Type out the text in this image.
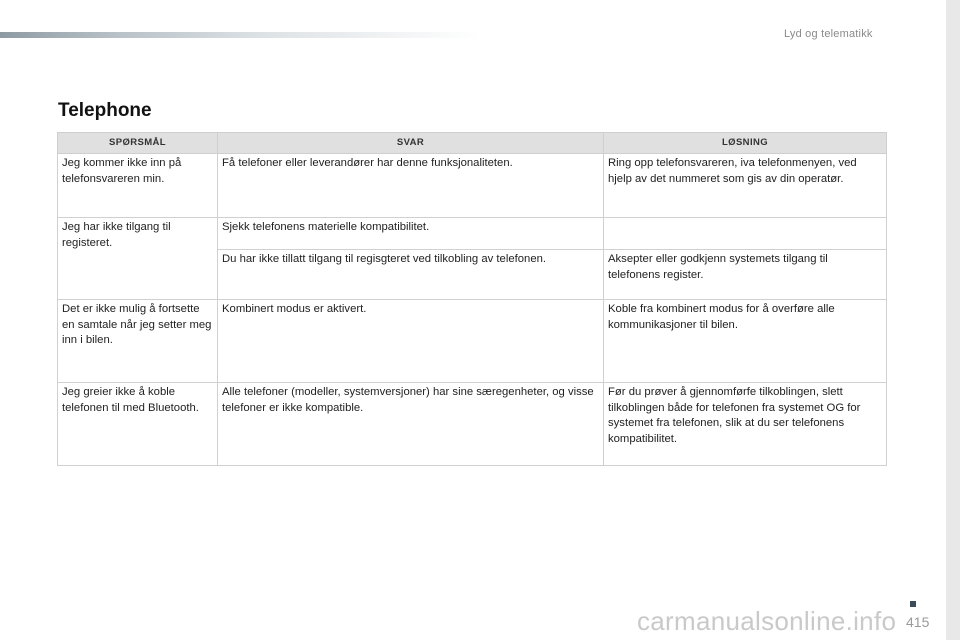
Lyd og telematikk
Telephone
SPØRSMÅL	SVAR	LØSNING
Jeg kommer ikke inn på telefonsvareren min.	Få telefoner eller leverandører har denne funksjonaliteten.	Ring opp telefonsvareren, iva telefonmenyen, ved hjelp av det nummeret som gis av din operatør.
Jeg har ikke tilgang til registeret.	Sjekk telefonens materielle kompatibilitet.	
	Du har ikke tillatt tilgang til regisgteret ved tilkobling av telefonen.	Aksepter eller godkjenn systemets tilgang til telefonens register.
Det er ikke mulig å fortsette en samtale når jeg setter meg inn i bilen.	Kombinert modus er aktivert.	Koble fra kombinert modus for å overføre alle kommunikasjoner til bilen.
Jeg greier ikke å koble telefonen til med Bluetooth.	Alle telefoner (modeller, systemversjoner) har sine særegenheter, og visse telefoner er ikke kompatible.	Før du prøver å gjennomførfe tilkoblingen, slett tilkoblingen både for telefonen fra systemet OG for systemet fra telefonen, slik at du ser telefonens kompatibilitet.
carmanualsonline.info 415
